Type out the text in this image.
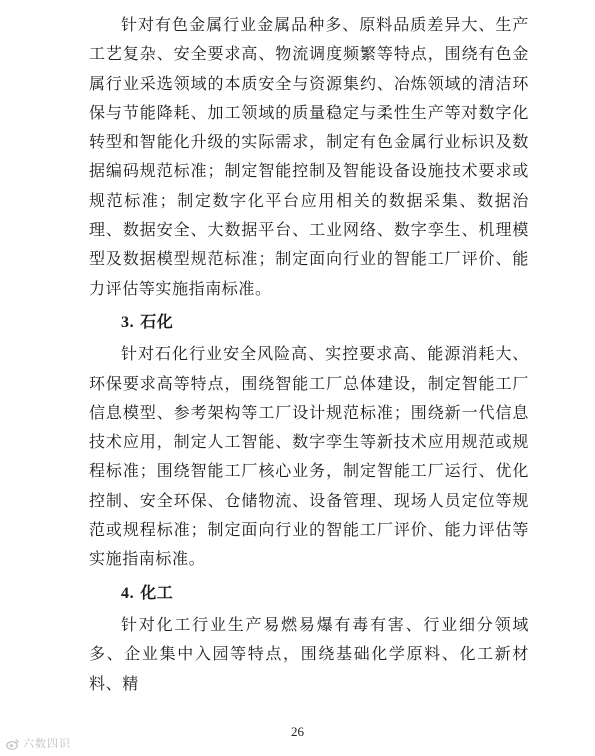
针对有色金属行业金属品种多、原料品质差异大、生产工艺复杂、安全要求高、物流调度频繁等特点，围绕有色金属行业采选领域的本质安全与资源集约、冶炼领域的清洁环保与节能降耗、加工领域的质量稳定与柔性生产等对数字化转型和智能化升级的实际需求，制定有色金属行业标识及数据编码规范标准；制定智能控制及智能设备设施技术要求或规范标准；制定数字化平台应用相关的数据采集、数据治理、数据安全、大数据平台、工业网络、数字孪生、机理模型及数据模型规范标准；制定面向行业的智能工厂评价、能力评估等实施指南标准。

3. 石化

针对石化行业安全风险高、实控要求高、能源消耗大、环保要求高等特点，围绕智能工厂总体建设，制定智能工厂信息模型、参考架构等工厂设计规范标准；围绕新一代信息技术应用，制定人工智能、数字孪生等新技术应用规范或规程标准；围绕智能工厂核心业务，制定智能工厂运行、优化控制、安全环保、仓储物流、设备管理、现场人员定位等规范或规程标准；制定面向行业的智能工厂评价、能力评估等实施指南标准。

4. 化工

针对化工行业生产易燃易爆有毒有害、行业细分领域多、企业集中入园等特点，围绕基础化学原料、化工新材料、精

26
六数四识
